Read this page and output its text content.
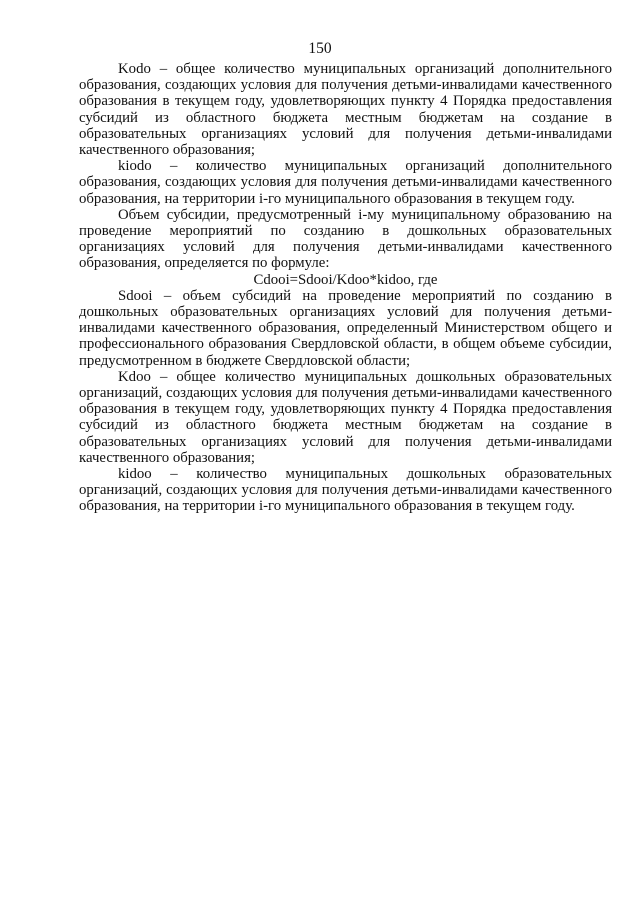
150

Kodo – общее количество муниципальных организаций дополнительного образования, создающих условия для получения детьми-инвалидами качественного образования в текущем году, удовлетворяющих пункту 4 Порядка предоставления субсидий из областного бюджета местным бюджетам на создание в образовательных организациях условий для получения детьми-инвалидами качественного образования;

kiodo – количество муниципальных организаций дополнительного образования, создающих условия для получения детьми-инвалидами качественного образования, на территории i-го муниципального образования в текущем году.

Объем субсидии, предусмотренный i-му муниципальному образованию на проведение мероприятий по созданию в дошкольных образовательных организациях условий для получения детьми-инвалидами качественного образования, определяется по формуле:

Cdooi=Sdooi/Kdoo*kidoo, где

Sdooi – объем субсидий на проведение мероприятий по созданию в дошкольных образовательных организациях условий для получения детьми-инвалидами качественного образования, определенный Министерством общего и профессионального образования Свердловской области, в общем объеме субсидии, предусмотренном в бюджете Свердловской области;

Kdoo – общее количество муниципальных дошкольных образовательных организаций, создающих условия для получения детьми-инвалидами качественного образования в текущем году, удовлетворяющих пункту 4 Порядка предоставления субсидий из областного бюджета местным бюджетам на создание в образовательных организациях условий для получения детьми-инвалидами качественного образования;

kidoo – количество муниципальных дошкольных образовательных организаций, создающих условия для получения детьми-инвалидами качественного образования, на территории i-го муниципального образования в текущем году.
